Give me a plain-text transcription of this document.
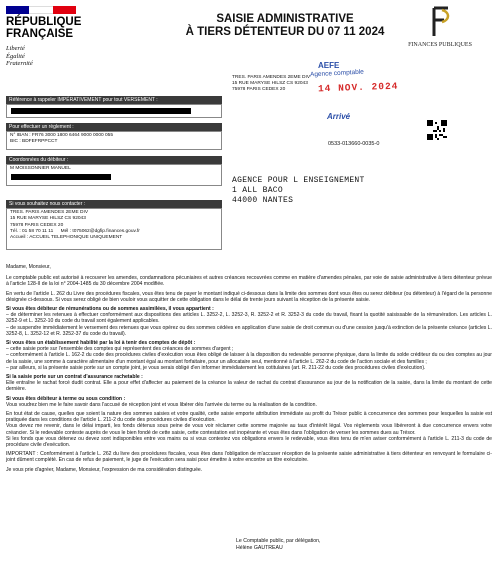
RÉPUBLIQUE
FRANÇAISE
Liberté
Égalité
Fraternité
SAISIE ADMINISTRATIVE
À TIERS DÉTENTEUR DU 07 11 2024
FINANCES PUBLIQUES
TRES. PARIS AMENDES 2EME DIV
15 RUE MARYSE HILSZ CS 92043
75978 PARIS CEDEX 20
AEFE
Agence comptable
14 NOV. 2024
Arrivé
0533-013660-0035-0
AGENCE POUR L ENSEIGNEMENT
1 ALL BACO
44000 NANTES
Référence à rappeler IMPÉRATIVEMENT pour tout VERSEMENT :
Pour effectuer un règlement :
N° IBAN : FR76 3000 1800 6464 9000 0000 055
BIC : BDFEFRPPCCT
Coordonnées du débiteur :
M MOISSONNIER MANUEL
Si vous souhaitez nous contacter :
TRES. PARIS AMENDES 2EME DIV
15 RUE MARYSE HILSZ CS 92043
75978 PARIS CEDEX 20
Tél. : 01 58 70 11 11 Mél : t075062@dgfip.finances.gouv.fr
Accueil : ACCUEIL TELEPHONIQUE UNIQUEMENT

Madame, Monsieur,

Le comptable public est autorisé à recouvrer les amendes, condamnations pécuniaires et autres créances recouvrées comme en matière d'amendes pénales, par voie de saisie administrative à tiers détenteur prévue à l'article 128-II de la loi n° 2004-1485 du 30 décembre 2004 modifiée.

En vertu de l'article L. 262 du Livre des procédures fiscales, vous êtes tenu de payer le montant indiqué ci-dessous dans la limite des sommes dont vous êtes ou serez débiteur (ou détenteur) à l'égard de la personne désignée ci-dessous. Si vous serez obligé de bien vouloir vous acquitter de cette obligation dans le délai de trente jours suivant la réception de la présente saisie.

Si vous êtes débiteur de rémunérations ou de sommes assimilées, il vous appartient :

– de déterminer les retenues à effectuer conformément aux dispositions des articles L. 3252-2, L. 3252-3, R. 3252-2 et R. 3252-3 du code du travail, fixant la quotité saisissable de la rémunération. Les articles L. 3252-9 et L. 3252-10 du code du travail sont également applicables.

– de suspendre immédiatement le versement des retenues que vous opérez ou des sommes cédées en application d'une saisie de droit commun ou d'une cession jusqu'à extinction de la présente créance (articles L. 3252-8, L. 3252-12 et R. 3252-37 du code du travail).

Si vous êtes un établissement habilité par la loi à tenir des comptes de dépôt :

– cette saisie porte sur l'ensemble des comptes qui représentent des créances de sommes d'argent ;

– conformément à l'article L. 162-2 du code des procédures civiles d'exécution vous êtes obligé de laisser à la disposition du redevable personne physique, dans la limite du solde créditeur du ou des comptes au jour de la saisie, une somme à caractère alimentaire d'un montant égal au montant forfaitaire, pour un allocataire seul, mentionné à l'article L. 262-2 du code de l'action sociale et des familles ;

– par ailleurs, si la présente saisie porte sur un compte joint, je vous serais obligé d'en informer immédiatement les cotitulaires (art. R. 211-22 du code des procédures civiles d'exécution).

Si la saisie porte sur un contrat d'assurance rachetable :

Elle entraîne le rachat forcé dudit contrat. Elle a pour effet d'affecter au paiement de la créance la valeur de rachat du contrat d'assurance au jour de la notification de la saisie, dans la limite du montant de cette dernière.

Si vous êtes débiteur à terme ou sous condition :

Vous voudrez bien me le faire savoir dans l'accusé de réception joint et vous libérer dès l'arrivée du terme ou la réalisation de la condition.

En tout état de cause, quelles que soient la nature des sommes saisies et votre qualité, cette saisie emporte attribution immédiate au profit du Trésor public à concurrence des sommes pour lesquelles la saisie est pratiquée dans les conditions de l'article L. 211-2 du code des procédures civiles d'exécution.

Vous devez me revenir, dans le délai imparti, les fonds détenus sous peine de vous voir réclamer cette somme majorée au taux d'intérêt légal. Vos règlements vous libéreront à due concurrence envers votre créancier. Si le redevable conteste auprès de vous le bien fondé de cette saisie, cette contestation est inopérante et vous êtes dans l'obligation de verser les sommes dues au Trésor.

Si les fonds que vous détenez ou devez sont indisponibles entre vos mains ou si vous contestez vos obligations envers le redevable, vous êtes tenu de m'en aviser conformément à l'article L. 211-3 du code de procédure civile d'exécution.

IMPORTANT : Conformément à l'article L. 262 du livre des procédures fiscales, vous êtes dans l'obligation de m'accuser réception de la présente saisie administrative à tiers détenteur en renvoyant le formulaire ci-joint dûment complété. En cas de refus de paiement, le juge de l'exécution sera saisi pour émettre à votre encontre un titre exécutoire.

Je vous prie d'agréer, Madame, Monsieur, l'expression de ma considération distinguée.

Le Comptable public, par délégation,
Hélène GAUTREAU
